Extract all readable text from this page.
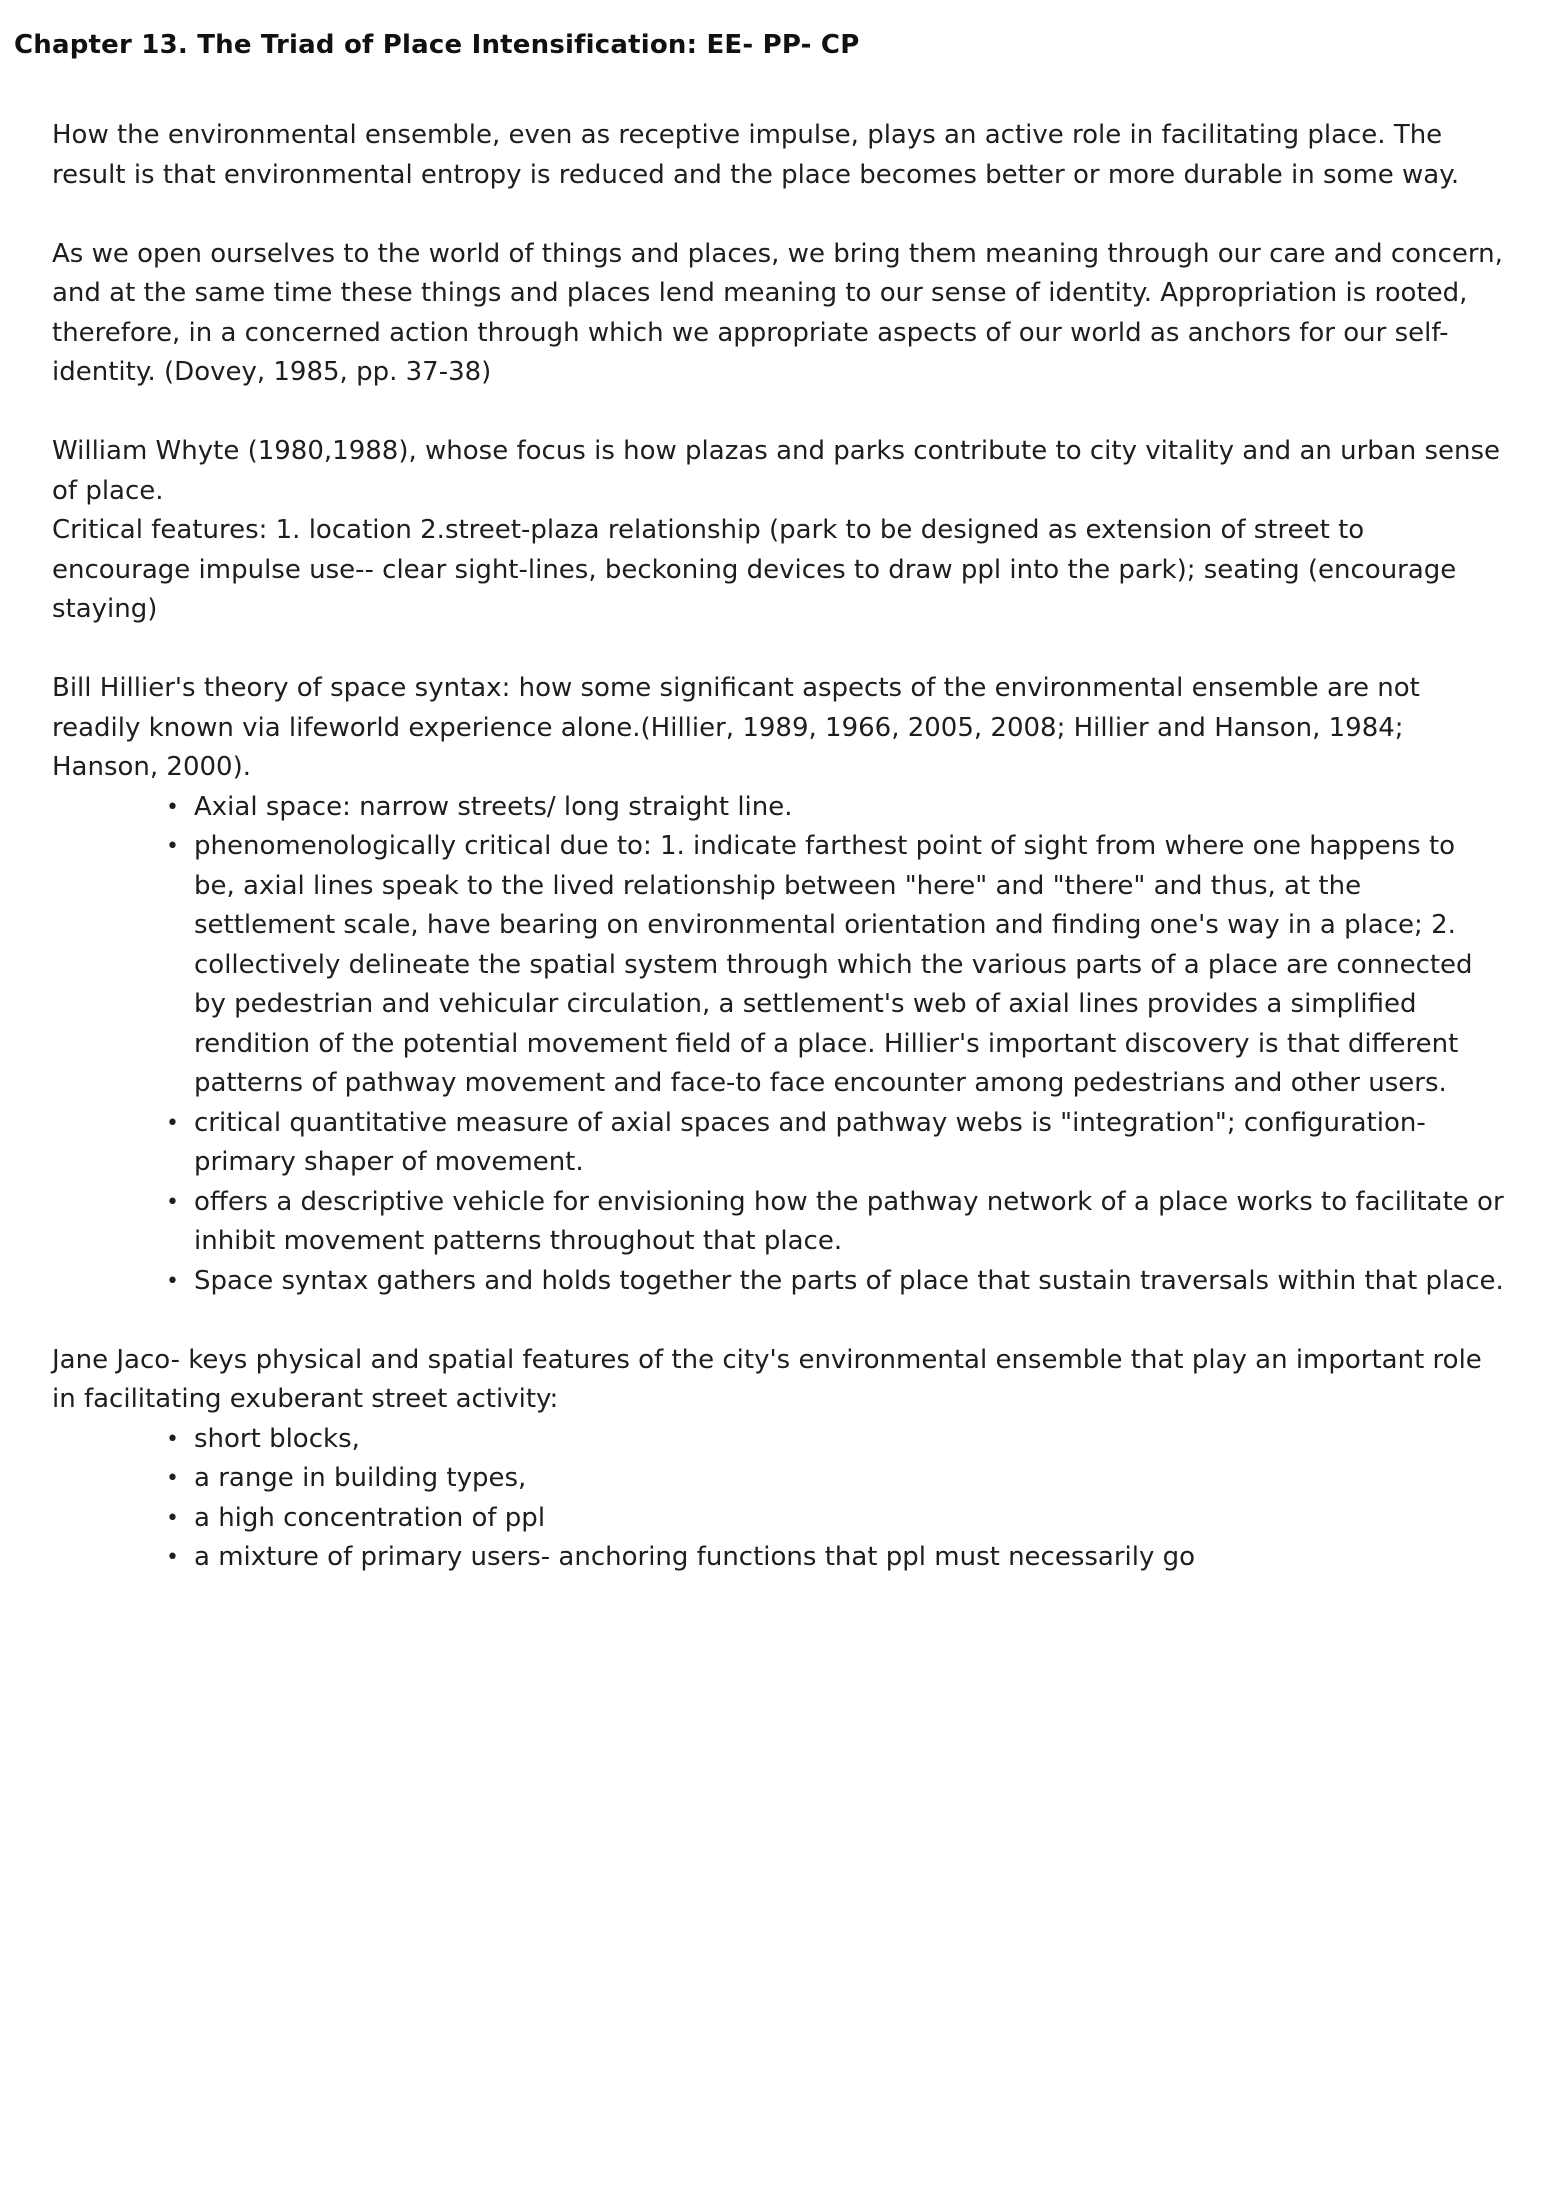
Chapter 13. The Triad of Place Intensification: EE- PP- CP

How the environmental ensemble, even as receptive impulse, plays an active role in facilitating place. The result is that environmental entropy is reduced and the place becomes better or more durable in some way.

As we open ourselves to the world of things and places, we bring them meaning through our care and concern, and at the same time these things and places lend meaning to our sense of identity. Appropriation is rooted, therefore, in a concerned action through which we appropriate aspects of our world as anchors for our self-identity. (Dovey, 1985, pp. 37-38)

William Whyte (1980,1988), whose focus is how plazas and parks contribute to city vitality and an urban sense of place.

Critical features: 1. location 2.street-plaza relationship (park to be designed as extension of street to encourage impulse use-- clear sight-lines, beckoning devices to draw ppl into the park); seating (encourage staying)

Bill Hillier's theory of space syntax: how some significant aspects of the environmental ensemble are not readily known via lifeworld experience alone.(Hillier, 1989, 1966, 2005, 2008; Hillier and Hanson, 1984; Hanson, 2000).

• Axial space: narrow streets/ long straight line.
• phenomenologically critical due to: 1. indicate farthest point of sight from where one happens to be, axial lines speak to the lived relationship between "here" and "there" and thus, at the settlement scale, have bearing on environmental orientation and finding one's way in a place; 2. collectively delineate the spatial system through which the various parts of a place are connected by pedestrian and vehicular circulation, a settlement's web of axial lines provides a simplified rendition of the potential movement field of a place. Hillier's important discovery is that different patterns of pathway movement and face-to face encounter among pedestrians and other users.
• critical quantitative measure of axial spaces and pathway webs is "integration"; configuration- primary shaper of movement.
• offers a descriptive vehicle for envisioning how the pathway network of a place works to facilitate or inhibit movement patterns throughout that place.
• Space syntax gathers and holds together the parts of place that sustain traversals within that place.

Jane Jaco- keys physical and spatial features of the city's environmental ensemble that play an important role in facilitating exuberant street activity:

• short blocks,
• a range in building types,
• a high concentration of ppl
• a mixture of primary users- anchoring functions that ppl must necessarily go
